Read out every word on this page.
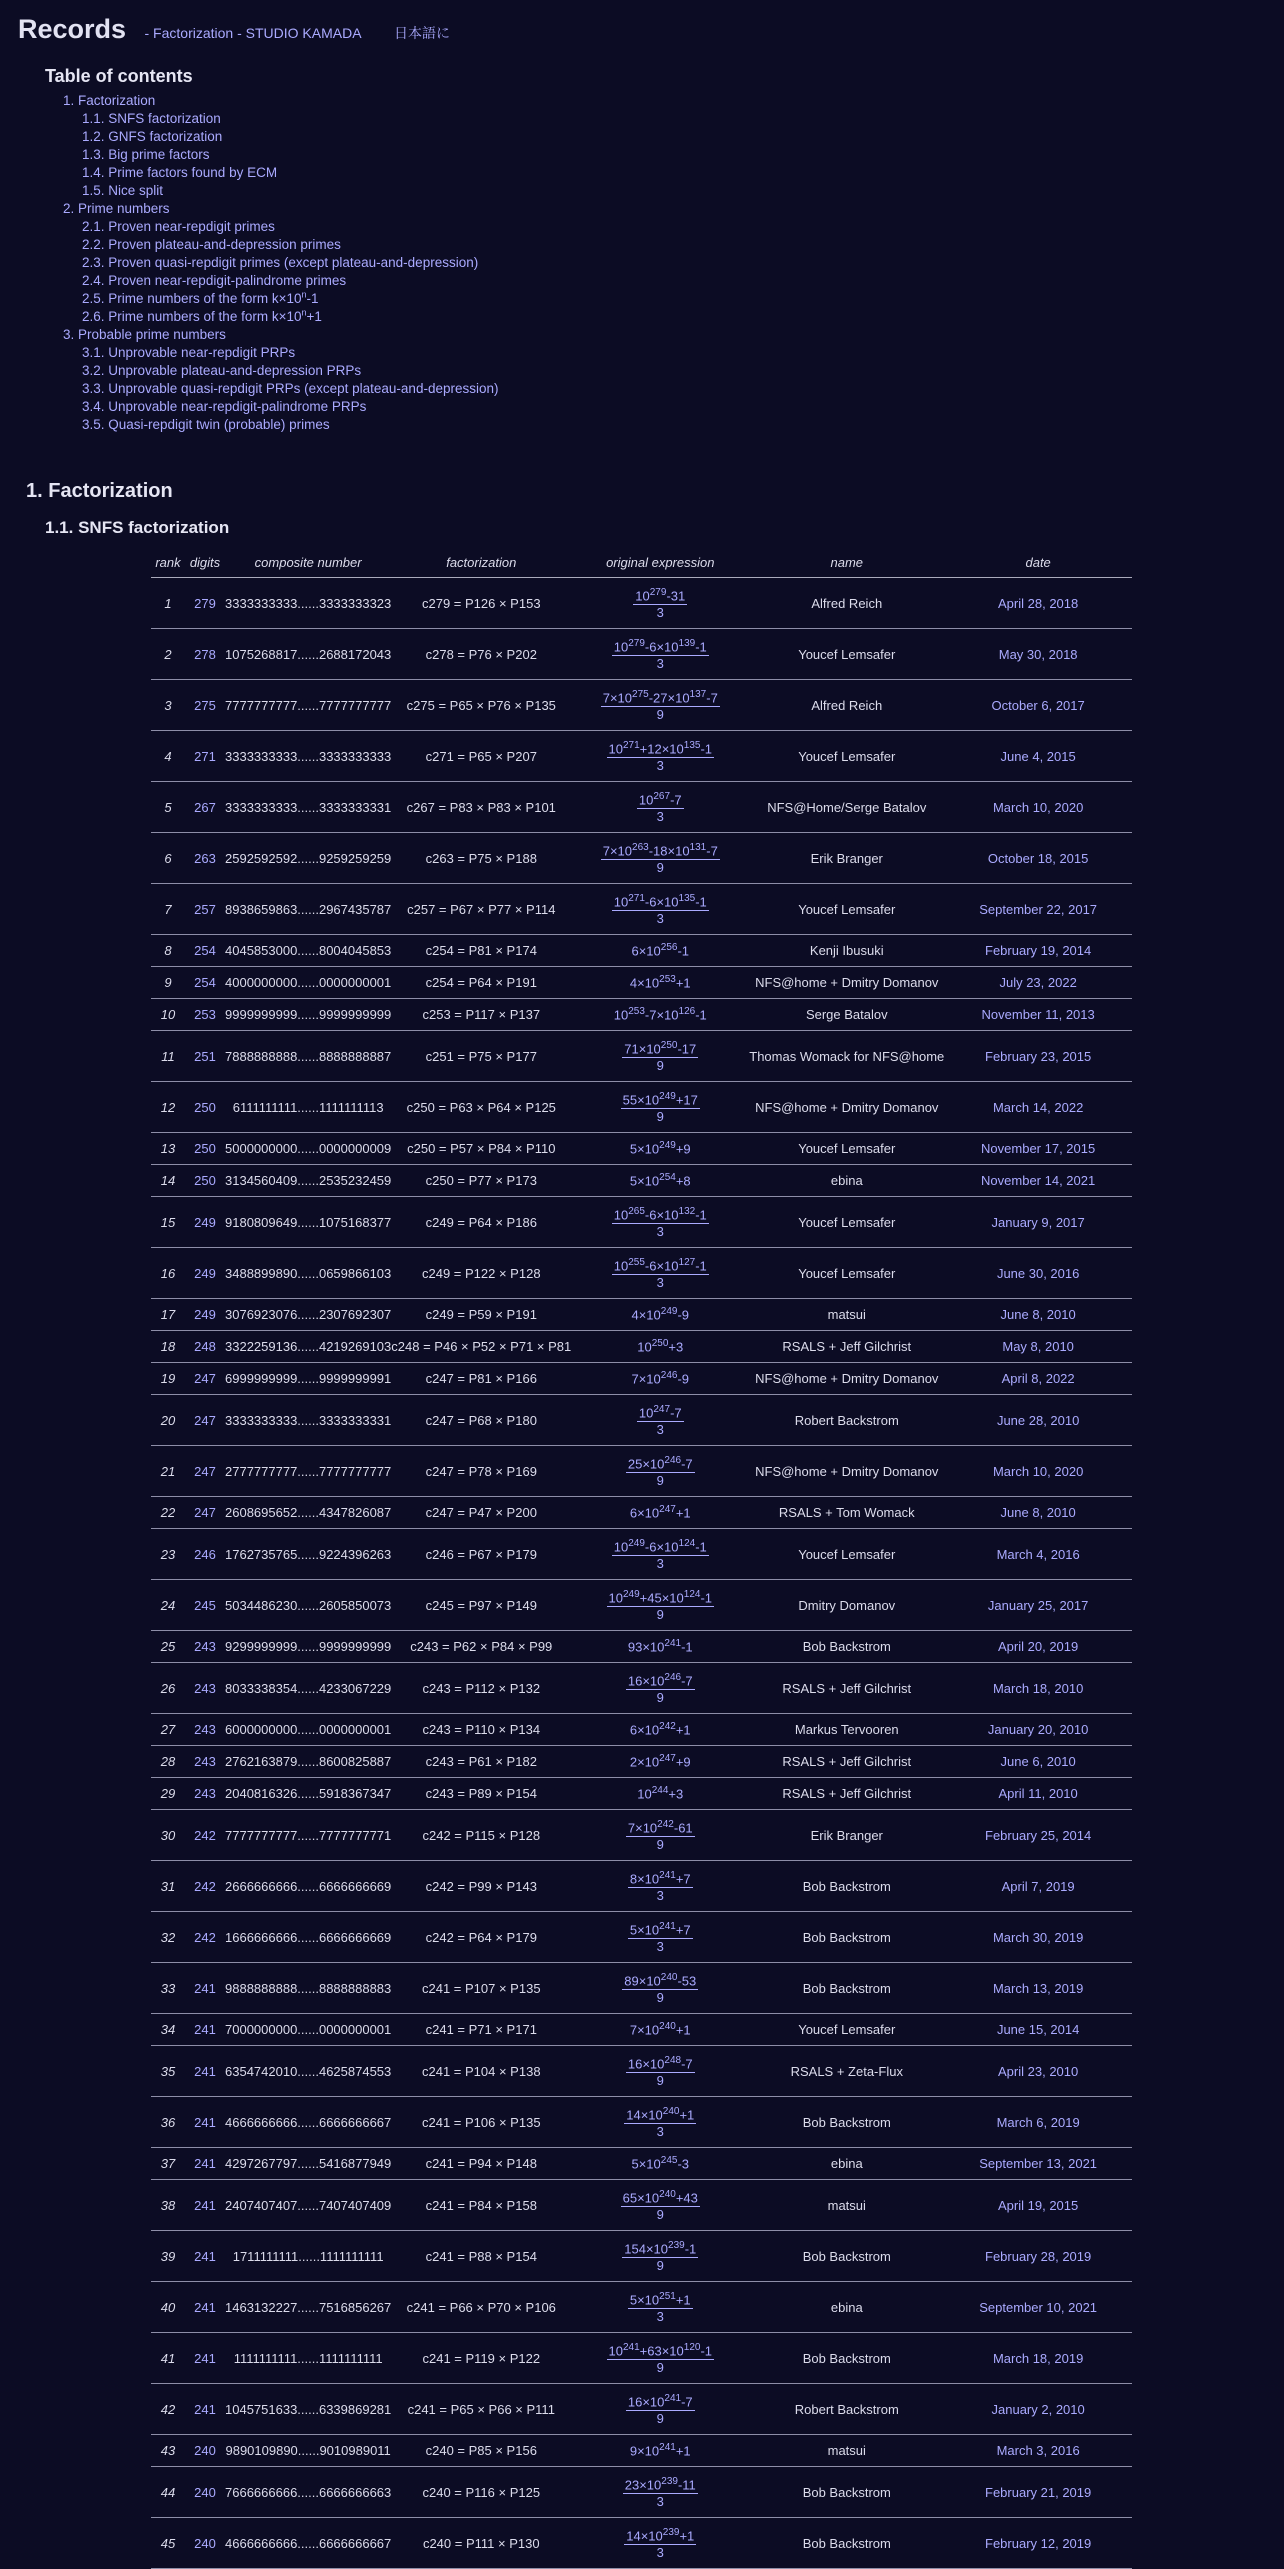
Records - Factorization - STUDIO KAMADA 日本語に
Table of contents
1. Factorization
1.1. SNFS factorization
1.2. GNFS factorization
1.3. Big prime factors
1.4. Prime factors found by ECM
1.5. Nice split
2. Prime numbers
2.1. Proven near-repdigit primes
2.2. Proven plateau-and-depression primes
2.3. Proven quasi-repdigit primes (except plateau-and-depression)
2.4. Proven near-repdigit-palindrome primes
2.5. Prime numbers of the form k×10$^n$-1
2.6. Prime numbers of the form k×10$^n$+1
3. Probable prime numbers
3.1. Unprovable near-repdigit PRPs
3.2. Unprovable plateau-and-depression PRPs
3.3. Unprovable quasi-repdigit PRPs (except plateau-and-depression)
3.4. Unprovable near-repdigit-palindrome PRPs
3.5. Quasi-repdigit twin (probable) primes
1. Factorization
1.1. SNFS factorization
rank	digits	composite number	factorization	original expression	name	date
1	279	3333333333......3333333323	c279 = P126 × P153	$\frac{10^{279}-31}{3}$	Alfred Reich	April 28, 2018
2	278	1075268817......2688172043	c278 = P76 × P202	$\frac{10^{279}-6\times 10^{139}-1}{3}$	Youcef Lemsafer	May 30, 2018
3	275	7777777777......7777777777	c275 = P65 × P76 × P135	$\frac{7\times 10^{275}-27\times 10^{137}-7}{9}$	Alfred Reich	October 6, 2017
4	271	3333333333......3333333333	c271 = P65 × P207	$\frac{10^{271}+12\times 10^{135}-1}{3}$	Youcef Lemsafer	June 4, 2015
5	267	3333333333......3333333331	c267 = P83 × P83 × P101	$\frac{10^{267}-7}{3}$	NFS@Home/Serge Batalov	March 10, 2020
6	263	2592592592......9259259259	c263 = P75 × P188	$\frac{7\times 10^{263}-18\times 10^{131}-7}{9}$	Erik Branger	October 18, 2015
7	257	8938659863......2967435787	c257 = P67 × P77 × P114	$\frac{10^{271}-6\times 10^{135}-1}{3}$	Youcef Lemsafer	September 22, 2017
8	254	4045853000......8004045853	c254 = P81 × P174	$6\times 10^{256}-1$	Kenji Ibusuki	February 19, 2014
9	254	4000000000......0000000001	c254 = P64 × P191	$4\times 10^{253}+1$	NFS@home + Dmitry Domanov	July 23, 2022
10	253	9999999999......9999999999	c253 = P117 × P137	$10^{253}-7\times 10^{126}-1$	Serge Batalov	November 11, 2013
11	251	7888888888......8888888887	c251 = P75 × P177	$\frac{71\times 10^{250}-17}{9}$	Thomas Womack for NFS@home	February 23, 2015
12	250	6111111111......1111111113	c250 = P63 × P64 × P125	$\frac{55\times 10^{249}+17}{9}$	NFS@home + Dmitry Domanov	March 14, 2022
13	250	5000000000......0000000009	c250 = P57 × P84 × P110	$5\times 10^{249}+9$	Youcef Lemsafer	November 17, 2015
14	250	3134560409......2535232459	c250 = P77 × P173	$5\times 10^{254}+8$	ebina	November 14, 2021
15	249	9180809649......1075168377	c249 = P64 × P186	$\frac{10^{265}-6\times 10^{132}-1}{3}$	Youcef Lemsafer	January 9, 2017
16	249	3488899890......0659866103	c249 = P122 × P128	$\frac{10^{255}-6\times 10^{127}-1}{3}$	Youcef Lemsafer	June 30, 2016
17	249	3076923076......2307692307	c249 = P59 × P191	$4\times 10^{249}-9$	matsui	June 8, 2010
18	248	3322259136......4219269103	c248 = P46 × P52 × P71 × P81	$10^{250}+3$	RSALS + Jeff Gilchrist	May 8, 2010
19	247	6999999999......9999999991	c247 = P81 × P166	$7\times 10^{246}-9$	NFS@home + Dmitry Domanov	April 8, 2022
20	247	3333333333......3333333331	c247 = P68 × P180	$\frac{10^{247}-7}{3}$	Robert Backstrom	June 28, 2010
21	247	2777777777......7777777777	c247 = P78 × P169	$\frac{25\times 10^{246}-7}{9}$	NFS@home + Dmitry Domanov	March 10, 2020
22	247	2608695652......4347826087	c247 = P47 × P200	$6\times 10^{247}+1$	RSALS + Tom Womack	June 8, 2010
23	246	1762735765......9224396263	c246 = P67 × P179	$\frac{10^{249}-6\times 10^{124}-1}{3}$	Youcef Lemsafer	March 4, 2016
24	245	5034486230......2605850073	c245 = P97 × P149	$\frac{10^{249}+45\times 10^{124}-1}{9}$	Dmitry Domanov	January 25, 2017
25	243	9299999999......9999999999	c243 = P62 × P84 × P99	$93\times 10^{241}-1$	Bob Backstrom	April 20, 2019
26	243	8033338354......4233067229	c243 = P112 × P132	$\frac{16\times 10^{246}-7}{9}$	RSALS + Jeff Gilchrist	March 18, 2010
27	243	6000000000......0000000001	c243 = P110 × P134	$6\times 10^{242}+1$	Markus Tervooren	January 20, 2010
28	243	2762163879......8600825887	c243 = P61 × P182	$2\times 10^{247}+9$	RSALS + Jeff Gilchrist	June 6, 2010
29	243	2040816326......5918367347	c243 = P89 × P154	$10^{244}+3$	RSALS + Jeff Gilchrist	April 11, 2010
30	242	7777777777......7777777771	c242 = P115 × P128	$\frac{7\times 10^{242}-61}{9}$	Erik Branger	February 25, 2014
31	242	2666666666......6666666669	c242 = P99 × P143	$\frac{8\times 10^{241}+7}{3}$	Bob Backstrom	April 7, 2019
32	242	1666666666......6666666669	c242 = P64 × P179	$\frac{5\times 10^{241}+7}{3}$	Bob Backstrom	March 30, 2019
33	241	9888888888......8888888883	c241 = P107 × P135	$\frac{89\times 10^{240}-53}{9}$	Bob Backstrom	March 13, 2019
34	241	7000000000......0000000001	c241 = P71 × P171	$7\times 10^{240}+1$	Youcef Lemsafer	June 15, 2014
35	241	6354742010......4625874553	c241 = P104 × P138	$\frac{16\times 10^{248}-7}{9}$	RSALS + Zeta-Flux	April 23, 2010
36	241	4666666666......6666666667	c241 = P106 × P135	$\frac{14\times 10^{240}+1}{3}$	Bob Backstrom	March 6, 2019
37	241	4297267797......5416877949	c241 = P94 × P148	$5\times 10^{245}-3$	ebina	September 13, 2021
38	241	2407407407......7407407409	c241 = P84 × P158	$\frac{65\times 10^{240}+43}{9}$	matsui	April 19, 2015
39	241	1711111111......1111111111	c241 = P88 × P154	$\frac{154\times 10^{239}-1}{9}$	Bob Backstrom	February 28, 2019
40	241	1463132227......7516856267	c241 = P66 × P70 × P106	$\frac{5\times 10^{251}+1}{3}$	ebina	September 10, 2021
41	241	1111111111......1111111111	c241 = P119 × P122	$\frac{10^{241}+63\times 10^{120}-1}{9}$	Bob Backstrom	March 18, 2019
42	241	1045751633......6339869281	c241 = P65 × P66 × P111	$\frac{16\times 10^{241}-7}{9}$	Robert Backstrom	January 2, 2010
43	240	9890109890......9010989011	c240 = P85 × P156	$9\times 10^{241}+1$	matsui	March 3, 2016
44	240	7666666666......6666666663	c240 = P116 × P125	$\frac{23\times 10^{239}-11}{3}$	Bob Backstrom	February 21, 2019
45	240	4666666666......6666666667	c240 = P111 × P130	$\frac{14\times 10^{239}+1}{3}$	Bob Backstrom	February 12, 2019
